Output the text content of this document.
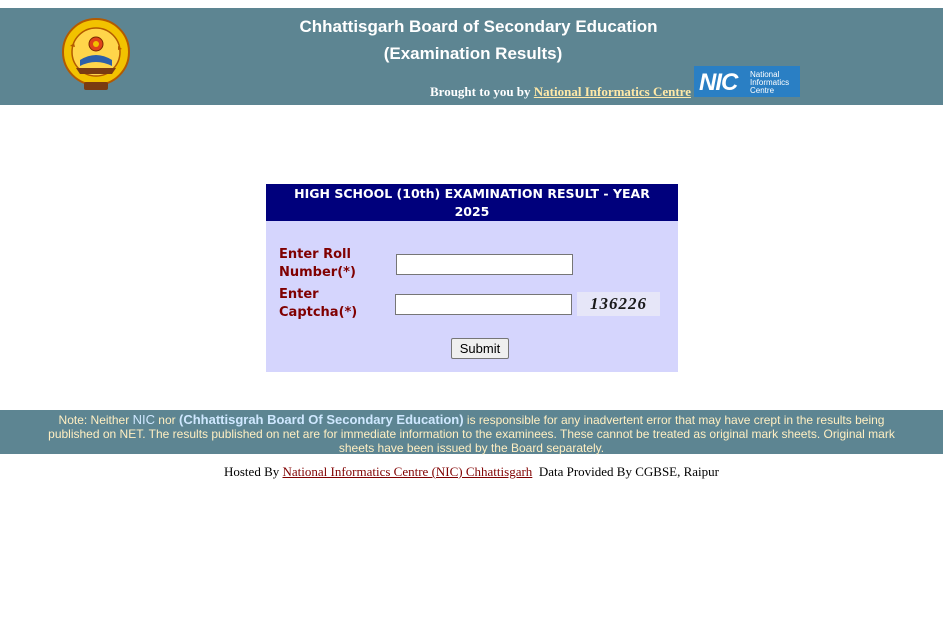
Chhattisgarh Board of Secondary Education
(Examination Results)
Brought to you by National Informatics Centre NIC National
Informatics
Centre
HIGH SCHOOL (10th) EXAMINATION RESULT - YEAR
2025
Enter Roll Number(*)
Enter Captcha(*)	136226
Submit
Note: Neither NIC nor (Chhattisgrah Board Of Secondary Education) is responsible for any inadvertent error that may have crept in the results being published on NET. The results published on net are for immediate information to the examinees. These cannot be treated as original mark sheets. Original mark sheets have been issued by the Board separately.
Hosted By National Informatics Centre (NIC) Chhattisgarh Data Provided By CGBSE, Raipur
